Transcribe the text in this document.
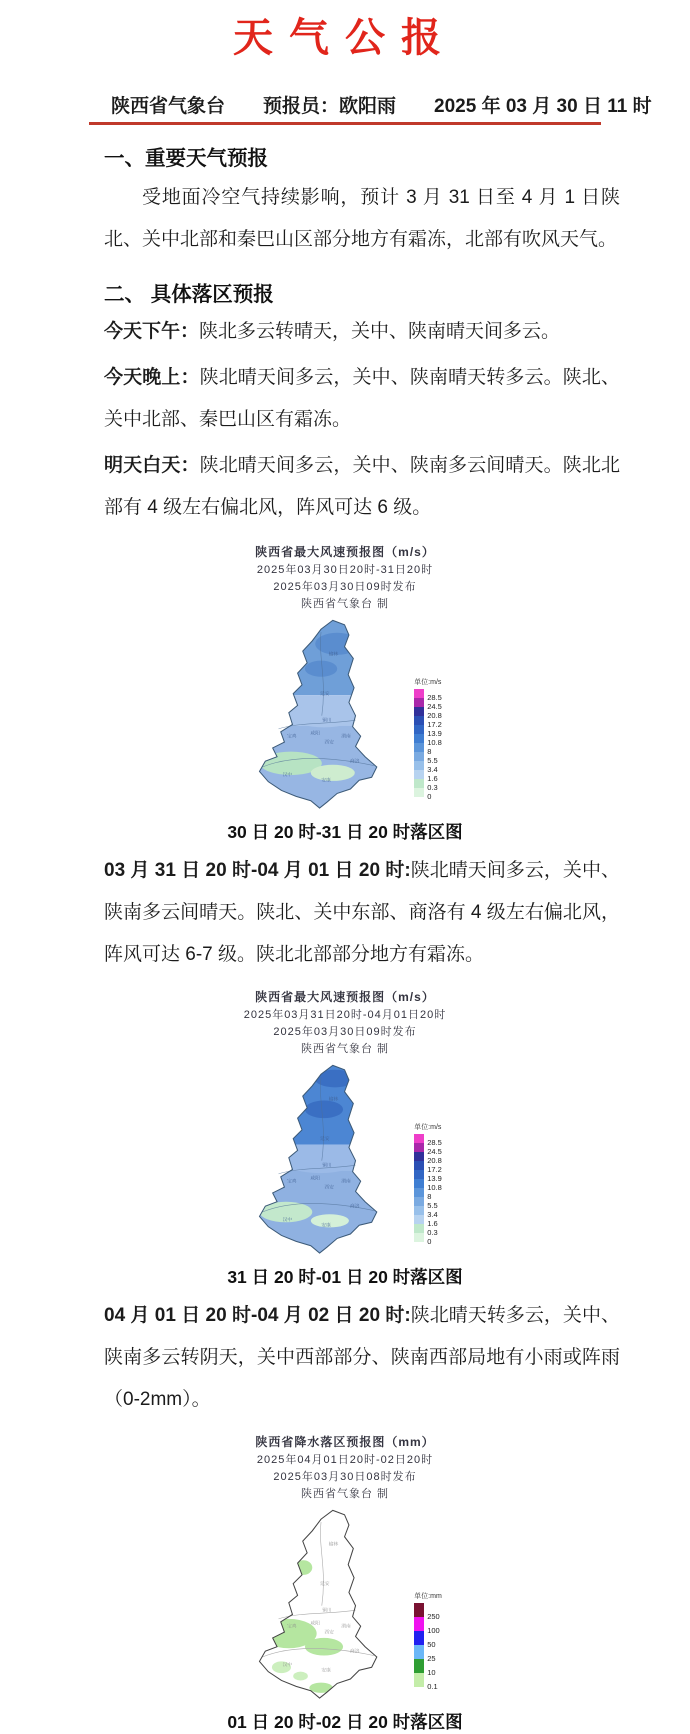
天气公报
陕西省气象台 预报员：欧阳雨 2025 年 03 月 30 日 11 时
一、重要天气预报
受地面冷空气持续影响，预计 3 月 31 日至 4 月 1 日陕北、关中北部和秦巴山区部分地方有霜冻，北部有吹风天气。
二、 具体落区预报
今天下午：陕北多云转晴天，关中、陕南晴天间多云。
今天晚上：陕北晴天间多云，关中、陕南晴天转多云。陕北、关中北部、秦巴山区有霜冻。
明天白天：陕北晴天间多云，关中、陕南多云间晴天。陕北北部有 4 级左右偏北风，阵风可达 6 级。
陕西省最大风速预报图（m/s）
2025年03月30日20时-31日20时
2025年03月30日09时发布
陕西省气象台 制
榆林
延安
铜川
渭南
咸阳
西安
宝鸡
商洛
汉中
安康
单位:m/s
28.5
24.5
20.8
17.2
13.9
10.8
8
5.5
3.4
1.6
0.3
0
30 日 20 时-31 日 20 时落区图
03 月 31 日 20 时-04 月 01 日 20 时:陕北晴天间多云，关中、陕南多云间晴天。陕北、关中东部、商洛有 4 级左右偏北风，阵风可达 6-7 级。陕北北部部分地方有霜冻。
陕西省最大风速预报图（m/s）
2025年03月31日20时-04月01日20时
2025年03月30日09时发布
陕西省气象台 制
榆林
延安
铜川
渭南
咸阳
西安
宝鸡
商洛
汉中
安康
单位:m/s
28.5
24.5
20.8
17.2
13.9
10.8
8
5.5
3.4
1.6
0.3
0
31 日 20 时-01 日 20 时落区图
04 月 01 日 20 时-04 月 02 日 20 时:陕北晴天转多云，关中、陕南多云转阴天，关中西部部分、陕南西部局地有小雨或阵雨（0-2mm）。
陕西省降水落区预报图（mm）
2025年04月01日20时-02日20时
2025年03月30日08时发布
陕西省气象台 制
榆林
延安
铜川
渭南
咸阳
西安
宝鸡
商洛
汉中
安康
单位:mm
250
100
50
25
10
0.1
01 日 20 时-02 日 20 时落区图
